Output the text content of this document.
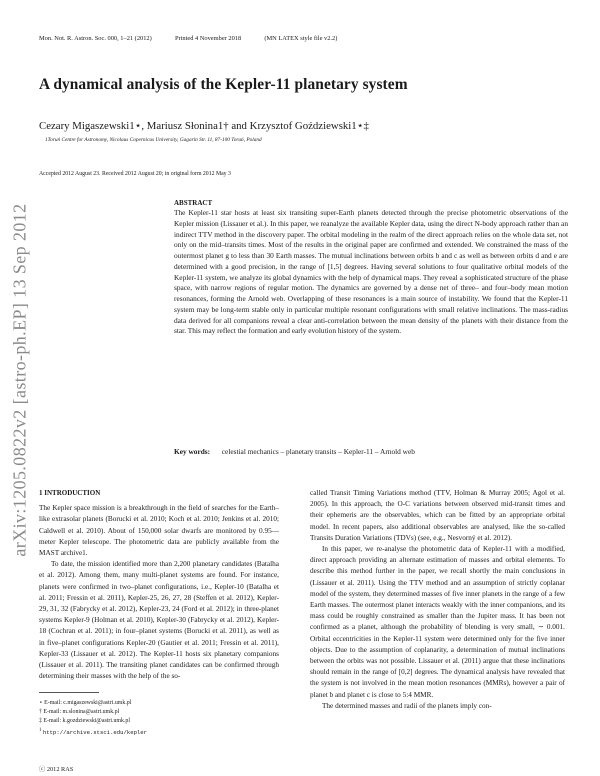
Mon. Not. R. Astron. Soc. 000, 1–21 (2012)	Printed 4 November 2018	(MN LATEX style file v2.2)
A dynamical analysis of the Kepler-11 planetary system
Cezary Migaszewski1⋆, Mariusz Słonina1† and Krzysztof Goździewski1⋆‡
1Toruń Centre for Astronomy, Nicolaus Copernicus University, Gagarin Str. 11, 87-100 Toruń, Poland
Accepted 2012 August 23. Received 2012 August 20; in original form 2012 May 3
arXiv:1205.0822v2 [astro-ph.EP] 13 Sep 2012
ABSTRACT
The Kepler-11 star hosts at least six transiting super-Earth planets detected through the precise photometric observations of the Kepler mission (Lissauer et al.). In this paper, we reanalyze the available Kepler data, using the direct N-body approach rather than an indirect TTV method in the discovery paper. The orbital modeling in the realm of the direct approach relies on the whole data set, not only on the mid–transits times. Most of the results in the original paper are confirmed and extended. We constrained the mass of the outermost planet g to less than 30 Earth masses. The mutual inclinations between orbits b and c as well as between orbits d and e are determined with a good precision, in the range of [1,5] degrees. Having several solutions to four qualitative orbital models of the Kepler-11 system, we analyze its global dynamics with the help of dynamical maps. They reveal a sophisticated structure of the phase space, with narrow regions of regular motion. The dynamics are governed by a dense net of three– and four–body mean motion resonances, forming the Arnold web. Overlapping of these resonances is a main source of instability. We found that the Kepler-11 system may be long-term stable only in particular multiple resonant configurations with small relative inclinations. The mass-radius data derived for all companions reveal a clear anti-correlation between the mean density of the planets with their distance from the star. This may reflect the formation and early evolution history of the system.
Key words: celestial mechanics – planetary transits – Kepler-11 – Arnold web
1 INTRODUCTION

The Kepler space mission is a breakthrough in the field of searches for the Earth–like extrasolar planets (Borucki et al. 2010; Koch et al. 2010; Jenkins et al. 2010; Caldwell et al. 2010). About of 150,000 solar dwarfs are monitored by 0.95—meter Kepler telescope. The photometric data are publicly available from the MAST archive1.

To date, the mission identified more than 2,200 planetary candidates (Batalha et al. 2012). Among them, many multi-planet systems are found. For instance, planets were confirmed in two–planet configurations, i.e., Kepler-10 (Batalha et al. 2011; Fressin et al. 2011), Kepler-25, 26, 27, 28 (Steffen et al. 2012), Kepler-29, 31, 32 (Fabrycky et al. 2012), Kepler-23, 24 (Ford et al. 2012); in three-planet systems Kepler-9 (Holman et al. 2010), Kepler-30 (Fabrycky et al. 2012), Kepler-18 (Cochran et al. 2011); in four–planet systems (Borucki et al. 2011), as well as in five–planet configurations Kepler-20 (Gautier et al. 2011; Fressin et al. 2011), Kepler-33 (Lissauer et al. 2012). The Kepler-11 hosts six planetary companions (Lissauer et al. 2011). The transiting planet candidates can be confirmed through determining their masses with the help of the so-

called Transit Timing Variations method (TTV, Holman & Murray 2005; Agol et al. 2005). In this approach, the O-C variations between observed mid-transit times and their ephemeris are the observables, which can be fitted by an appropriate orbital model. In recent papers, also additional observables are analysed, like the so-called Transits Duration Variations (TDVs) (see, e.g., Nesvorný et al. 2012).

In this paper, we re-analyse the photometric data of Kepler-11 with a modified, direct approach providing an alternate estimation of masses and orbital elements. To describe this method further in the paper, we recall shortly the main conclusions in (Lissauer et al. 2011). Using the TTV method and an assumption of strictly coplanar model of the system, they determined masses of five inner planets in the range of a few Earth masses. The outermost planet interacts weakly with the inner companions, and its mass could be roughly constrained as smaller than the Jupiter mass. It has been not confirmed as a planet, although the probability of blending is very small, ∼ 0.001. Orbital eccentricities in the Kepler-11 system were determined only for the five inner objects. Due to the assumption of coplanarity, a determination of mutual inclinations between the orbits was not possible. Lissauer et al. (2011) argue that these inclinations should remain in the range of [0,2] degrees. The dynamical analysis have revealed that the system is not involved in the mean motion resonances (MMRs), however a pair of planet b and planet c is close to 5:4 MMR.

The determined masses and radii of the planets imply con-

⋆ E-mail: c.migaszewski@astri.umk.pl
† E-mail: m.slonina@astri.umk.pl
‡ E-mail: k.gozdziewski@astri.umk.pl
$^1$ http://archive.stsci.edu/kepler
ⓒ 2012 RAS
